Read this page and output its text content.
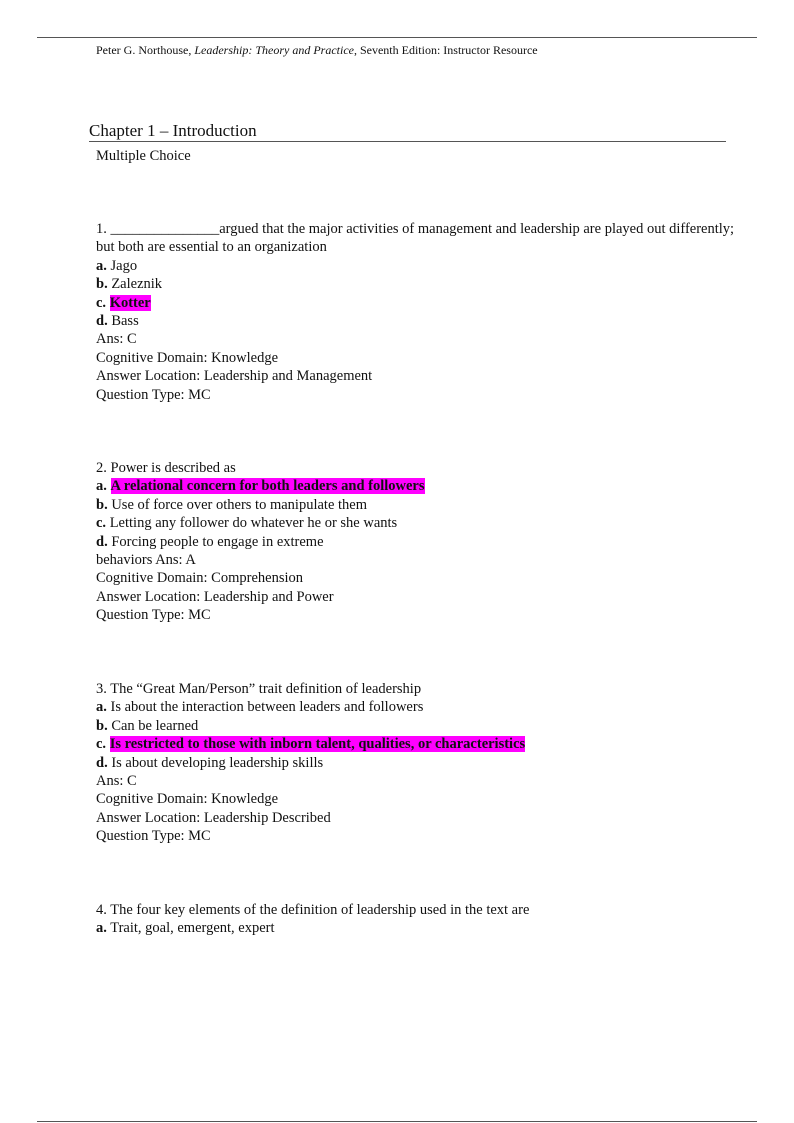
Peter G. Northouse, Leadership: Theory and Practice, Seventh Edition: Instructor Resource
Chapter 1 – Introduction
Multiple Choice
1. _______________argued that the major activities of management and leadership are played out differently; but both are essential to an organization
a. Jago
b. Zaleznik
c. Kotter
d. Bass
Ans: C
Cognitive Domain: Knowledge
Answer Location: Leadership and Management
Question Type: MC
2. Power is described as
a. A relational concern for both leaders and followers
b. Use of force over others to manipulate them
c. Letting any follower do whatever he or she wants
d. Forcing people to engage in extreme
behaviors Ans: A
Cognitive Domain: Comprehension
Answer Location: Leadership and Power
Question Type: MC
3. The “Great Man/Person” trait definition of leadership
a. Is about the interaction between leaders and followers
b. Can be learned
c. Is restricted to those with inborn talent, qualities, or characteristics
d. Is about developing leadership skills
Ans: C
Cognitive Domain: Knowledge
Answer Location: Leadership Described
Question Type: MC
4. The four key elements of the definition of leadership used in the text are
a. Trait, goal, emergent, expert
